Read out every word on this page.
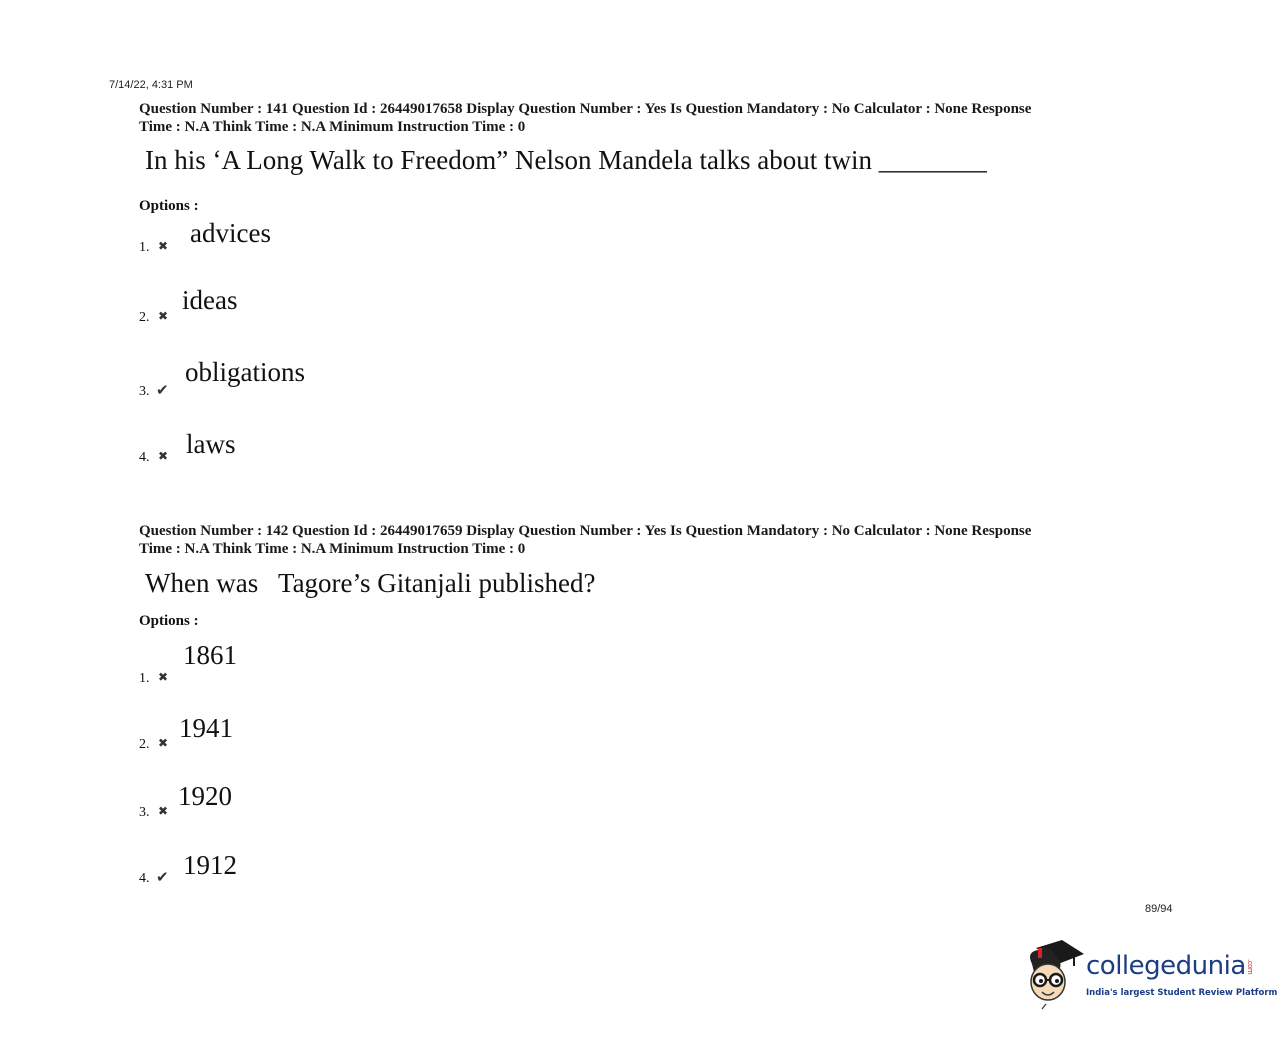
7/14/22, 4:31 PM
Question Number : 141 Question Id : 26449017658 Display Question Number : Yes Is Question Mandatory : No Calculator : None Response
Time : N.A Think Time : N.A Minimum Instruction Time : 0
In his ‘A Long Walk to Freedom” Nelson Mandela talks about twin ________
Options :
1. ✖ advices
2. ✖
ideas
3. ✔
obligations
4. ✖ laws
Question Number : 142 Question Id : 26449017659 Display Question Number : Yes Is Question Mandatory : No Calculator : None Response
Time : N.A Think Time : N.A Minimum Instruction Time : 0
When was   Tagore’s Gitanjali published?
Options :
1. ✖
1861
2. ✖ 1941
3. ✖ 1920
4. ✔ 1912
89/94
collegedunia.com
India's largest Student Review Platform
